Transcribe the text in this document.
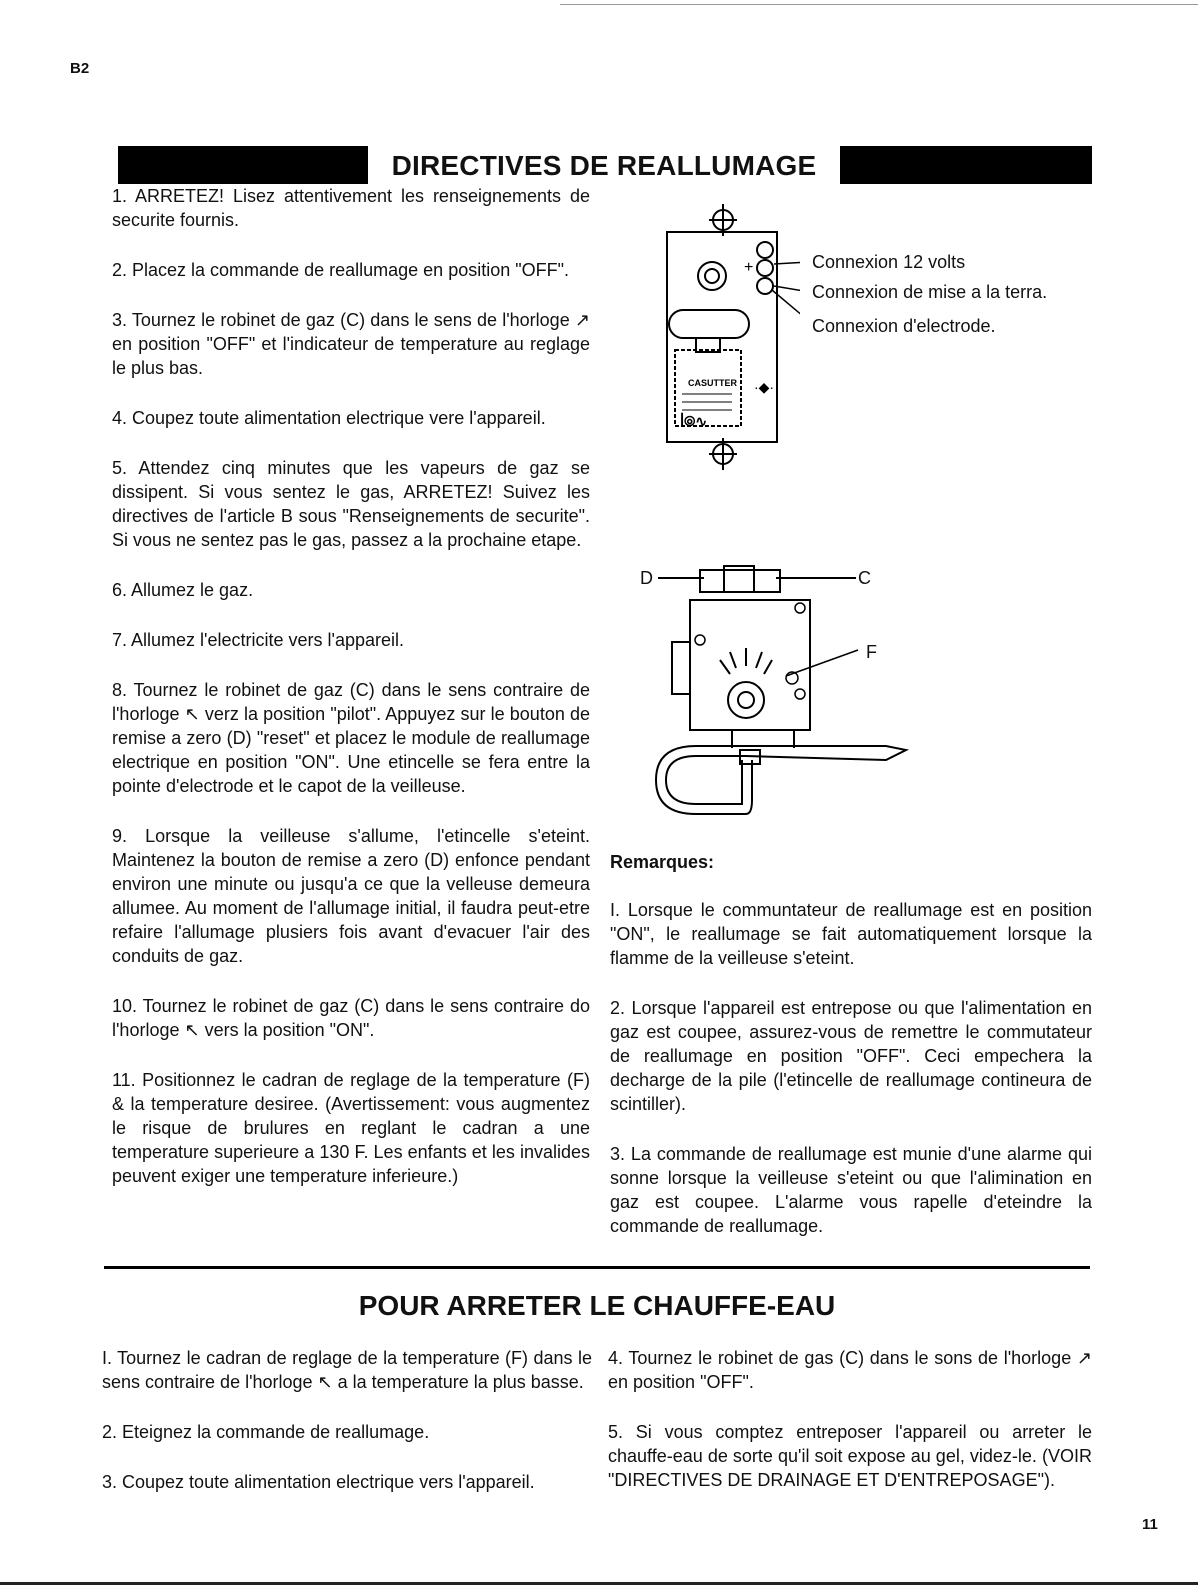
B2
DIRECTIVES DE REALLUMAGE

1. ARRETEZ! Lisez attentivement les renseignements de securite fournis.

2. Placez la commande de reallumage en position "OFF".

3. Tournez le robinet de gaz (C) dans le sens de l'horloge ↗ en position "OFF" et l'indicateur de temperature au reglage le plus bas.

4. Coupez toute alimentation electrique vere l'appareil.

5. Attendez cinq minutes que les vapeurs de gaz se dissipent. Si vous sentez le gas, ARRETEZ! Suivez les directives de l'article B sous "Renseignements de securite". Si vous ne sentez pas le gas, passez a la prochaine etape.

6. Allumez le gaz.

7. Allumez l'electricite vers l'appareil.

8. Tournez le robinet de gaz (C) dans le sens contraire de l'horloge ↖ verz la position "pilot". Appuyez sur le bouton de remise a zero (D) "reset" et placez le module de reallumage electrique en position "ON". Une etincelle se fera entre la pointe d'electrode et le capot de la veilleuse.

9. Lorsque la veilleuse s'allume, l'etincelle s'eteint. Maintenez la bouton de remise a zero (D) enfonce pendant environ une minute ou jusqu'a ce que la velleuse demeura allumee. Au moment de l'allumage initial, il faudra peut-etre refaire l'allumage plusiers fois avant d'evacuer l'air des conduits de gaz.

10. Tournez le robinet de gaz (C) dans le sens contraire do l'horloge ↖ vers la position "ON".

11. Positionnez le cadran de reglage de la temperature (F) & la temperature desiree. (Avertissement: vous augmentez le risque de brulures en reglant le cadran a une temperature superieure a 130 F. Les enfants et les invalides peuvent exiger une temperature inferieure.)

+
CASUTTER
ꟾ⦾∿
·◆·
Connexion 12 volts
Connexion de mise a la terra.
Connexion d'electrode.
D	C
F

Remarques:

I. Lorsque le communtateur de reallumage est en position "ON", le reallumage se fait automatiquement lorsque la flamme de la veilleuse s'eteint.

2. Lorsque l'appareil est entrepose ou que l'alimentation en gaz est coupee, assurez-vous de remettre le commutateur de reallumage en position "OFF". Ceci empechera la decharge de la pile (l'etincelle de reallumage contineura de scintiller).

3. La commande de reallumage est munie d'une alarme qui sonne lorsque la veilleuse s'eteint ou que l'alimination en gaz est coupee. L'alarme vous rapelle d'eteindre la commande de reallumage.

POUR ARRETER LE CHAUFFE-EAU

I. Tournez le cadran de reglage de la temperature (F) dans le sens contraire de l'horloge ↖ a la temperature la plus basse.

2. Eteignez la commande de reallumage.

3. Coupez toute alimentation electrique vers l'appareil.

4. Tournez le robinet de gas (C) dans le sons de l'horloge ↗ en position "OFF".

5. Si vous comptez entreposer l'appareil ou arreter le chauffe-eau de sorte qu'il soit expose au gel, videz-le. (VOIR "DIRECTIVES DE DRAINAGE ET D'ENTREPOSAGE").

11
